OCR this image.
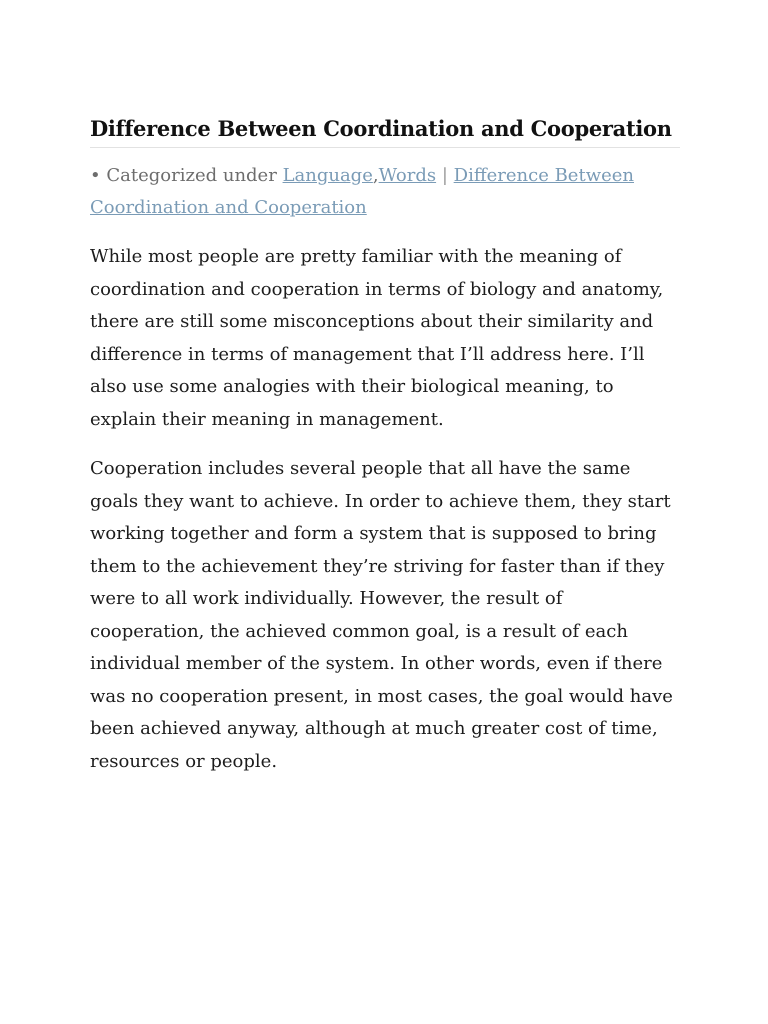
Difference Between Coordination and Cooperation

• Categorized under Language,Words | Difference Between Coordination and Cooperation

While most people are pretty familiar with the meaning of coordination and cooperation in terms of biology and anatomy, there are still some misconceptions about their similarity and difference in terms of management that I’ll address here. I’ll also use some analogies with their biological meaning, to explain their meaning in management.

Cooperation includes several people that all have the same goals they want to achieve. In order to achieve them, they start working together and form a system that is supposed to bring them to the achievement they’re striving for faster than if they were to all work individually. However, the result of cooperation, the achieved common goal, is a result of each individual member of the system. In other words, even if there was no cooperation present, in most cases, the goal would have been achieved anyway, although at much greater cost of time, resources or people.
